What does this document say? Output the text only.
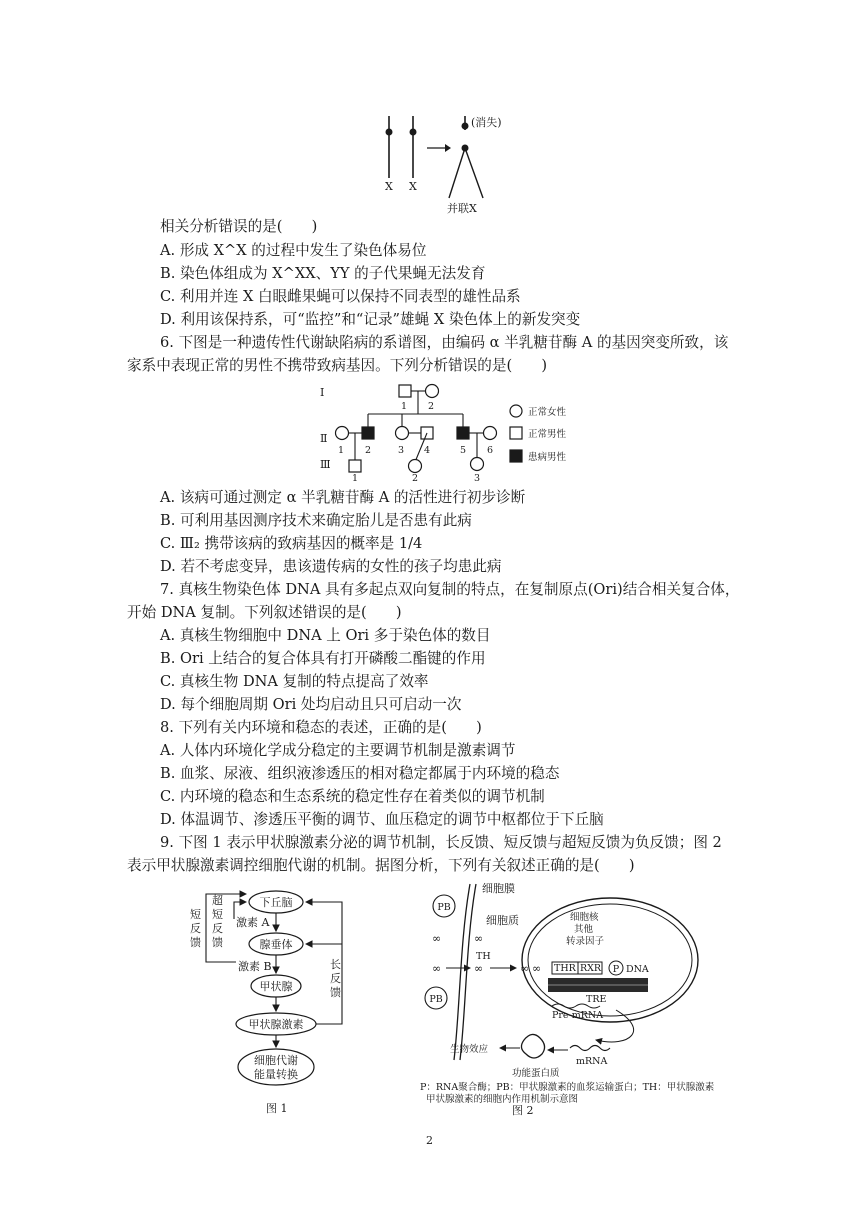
X X
(消失)
并联X
相关分析错误的是(　　)
A. 形成 X^X 的过程中发生了染色体易位
B. 染色体组成为 X^XX、YY 的子代果蝇无法发育
C. 利用并连 X 白眼雌果蝇可以保持不同表型的雄性品系
D. 利用该保持系，可“监控”和“记录”雄蝇 X 染色体上的新发突变
6. 下图是一种遗传性代谢缺陷病的系谱图，由编码 α 半乳糖苷酶 A 的基因突变所致，该
家系中表现正常的男性不携带致病基因。下列分析错误的是(　　)
Ⅰ
Ⅱ
Ⅲ
1 2
1 2	3 4	5 6
1	2	3
正常女性
正常男性
患病男性
A. 该病可通过测定 α 半乳糖苷酶 A 的活性进行初步诊断
B. 可利用基因测序技术来确定胎儿是否患有此病
C. Ⅲ₂ 携带该病的致病基因的概率是 1/4
D. 若不考虑变异，患该遗传病的女性的孩子均患此病
7. 真核生物染色体 DNA 具有多起点双向复制的特点，在复制原点(Ori)结合相关复合体，
开始 DNA 复制。下列叙述错误的是(　　)
A. 真核生物细胞中 DNA 上 Ori 多于染色体的数目
B. Ori 上结合的复合体具有打开磷酸二酯键的作用
C. 真核生物 DNA 复制的特点提高了效率
D. 每个细胞周期 Ori 处均启动且只可启动一次
8. 下列有关内环境和稳态的表述，正确的是(　　)
A. 人体内环境化学成分稳定的主要调节机制是激素调节
B. 血浆、尿液、组织液渗透压的相对稳定都属于内环境的稳态
C. 内环境的稳态和生态系统的稳定性存在着类似的调节机制
D. 体温调节、渗透压平衡的调节、血压稳定的调节中枢都位于下丘脑
9. 下图 1 表示甲状腺激素分泌的调节机制，长反馈、短反馈与超短反馈为负反馈；图 2
表示甲状腺激素调控细胞代谢的机制。据图分析，下列有关叙述正确的是(　　)
下丘脑
腺垂体
甲状腺
甲状腺激素
细胞代谢
能量转换
激素 A
激素 B
超
短
反
馈
短
反
馈
长
反
馈
图 1
细胞膜
细胞质
PB
PB
∞
∞
∞
∞	∞
TH
细胞核
其他
转录因子
∞ THR RXR P DNA
TRE
Pre-mRNA
mRNA
生物效应
功能蛋白质
P：RNA聚合酶；PB：甲状腺激素的血浆运输蛋白；TH：甲状腺激素
甲状腺激素的细胞内作用机制示意图
图 2
2
